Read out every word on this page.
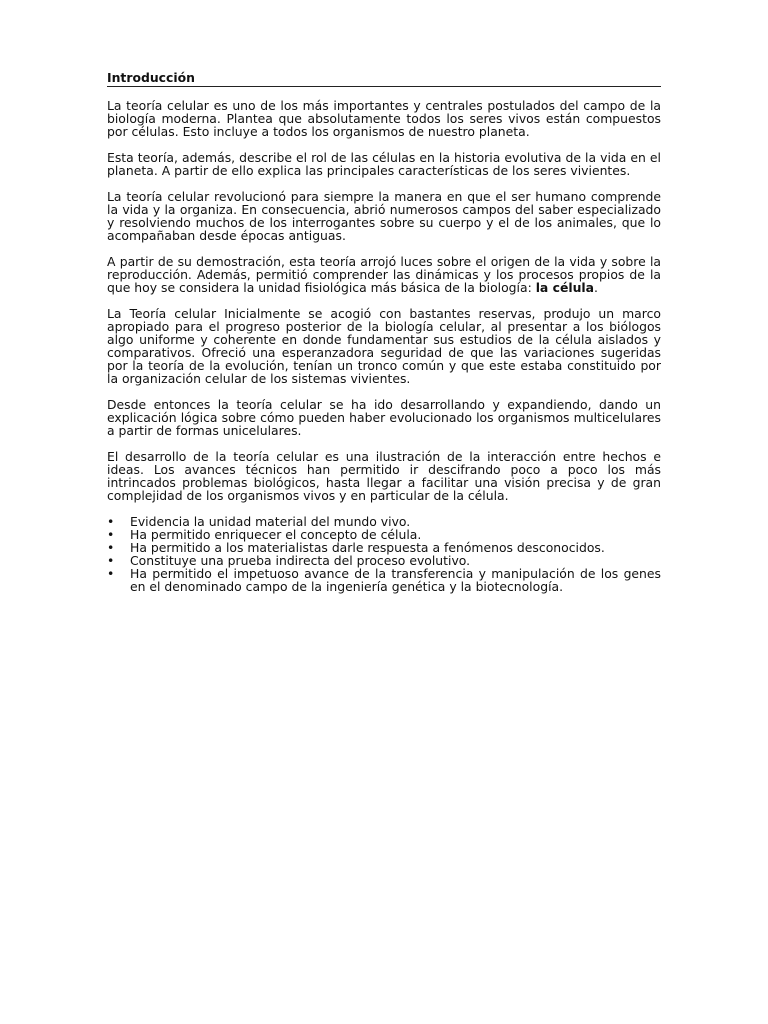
Introducción

La teoría celular es uno de los más importantes y centrales postulados del campo de la biología moderna. Plantea que absolutamente todos los seres vivos están compuestos por células. Esto incluye a todos los organismos de nuestro planeta.

Esta teoría, además, describe el rol de las células en la historia evolutiva de la vida en el planeta. A partir de ello explica las principales características de los seres vivientes.

La teoría celular revolucionó para siempre la manera en que el ser humano comprende la vida y la organiza. En consecuencia, abrió numerosos campos del saber especializado y resolviendo muchos de los interrogantes sobre su cuerpo y el de los animales, que lo acompañaban desde épocas antiguas.

A partir de su demostración, esta teoría arrojó luces sobre el origen de la vida y sobre la reproducción. Además, permitió comprender las dinámicas y los procesos propios de la que hoy se considera la unidad fisiológica más básica de la biología: la célula.

La Teoría celular Inicialmente se acogió con bastantes reservas, produjo un marco apropiado para el progreso posterior de la biología celular, al presentar a los biólogos algo uniforme y coherente en donde fundamentar sus estudios de la célula aislados y comparativos. Ofreció una esperanzadora seguridad de que las variaciones sugeridas por la teoría de la evolución, tenían un tronco común y que este estaba constituido por la organización celular de los sistemas vivientes.

Desde entonces la teoría celular se ha ido desarrollando y expandiendo, dando un explicación lógica sobre cómo pueden haber evolucionado los organismos multicelulares a partir de formas unicelulares.

El desarrollo de la teoría celular es una ilustración de la interacción entre hechos e ideas. Los avances técnicos han permitido ir descifrando poco a poco los más intrincados problemas biológicos, hasta llegar a facilitar una visión precisa y de gran complejidad de los organismos vivos y en particular de la célula.

• Evidencia la unidad material del mundo vivo.
• Ha permitido enriquecer el concepto de célula.
• Ha permitido a los materialistas darle respuesta a fenómenos desconocidos.
• Constituye una prueba indirecta del proceso evolutivo.
• Ha permitido el impetuoso avance de la transferencia y manipulación de los genes en el denominado campo de la ingeniería genética y la biotecnología.
